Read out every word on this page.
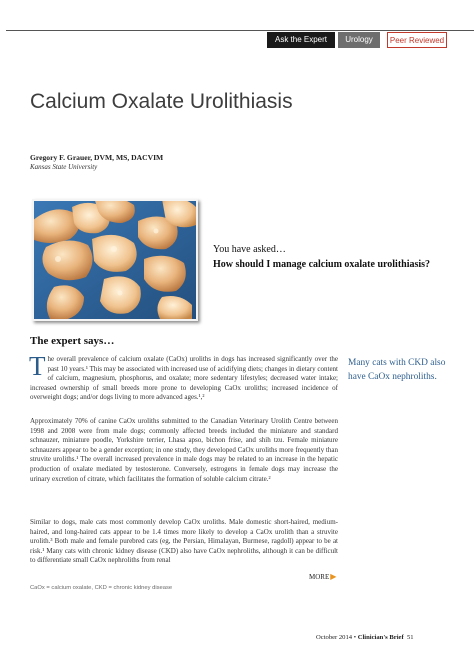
Ask the Expert	Urology	Peer Reviewed
Calcium Oxalate Urolithiasis
Gregory F. Grauer, DVM, MS, DACVIM
Kansas State University
You have asked…
How should I manage calcium oxalate urolithiasis?
The expert says…

The overall prevalence of calcium oxalate (CaOx) uroliths in dogs has increased significantly over the past 10 years.¹ This may be associated with increased use of acidifying diets; changes in dietary content of calcium, magnesium, phosphorus, and oxalate; more sedentary lifestyles; decreased water intake; increased ownership of small breeds more prone to developing CaOx uroliths; increased incidence of overweight dogs; and/or dogs living to more advanced ages.¹,²

Approximately 70% of canine CaOx uroliths submitted to the Canadian Veterinary Urolith Centre between 1998 and 2008 were from male dogs; commonly affected breeds included the miniature and standard schnauzer, miniature poodle, Yorkshire terrier, Lhasa apso, bichon frise, and shih tzu. Female miniature schnauzers appear to be a gender exception; in one study, they developed CaOx uroliths more frequently than struvite uroliths.¹ The overall increased prevalence in male dogs may be related to an increase in the hepatic production of oxalate mediated by testosterone. Conversely, estrogens in female dogs may increase the urinary excretion of citrate, which facilitates the formation of soluble calcium citrate.²

Similar to dogs, male cats most commonly develop CaOx uroliths. Male domestic short-haired, medium-haired, and long-haired cats appear to be 1.4 times more likely to develop a CaOx urolith than a struvite urolith.³ Both male and female purebred cats (eg, the Persian, Himalayan, Burmese, ragdoll) appear to be at risk.¹ Many cats with chronic kidney disease (CKD) also have CaOx nephroliths, although it can be difficult to differentiate small CaOx nephroliths from renal

Many cats with CKD also have CaOx nephroliths.
MORE ▶
CaOx = calcium oxalate, CKD = chronic kidney disease
October 2014 • Clinician's Brief 51
